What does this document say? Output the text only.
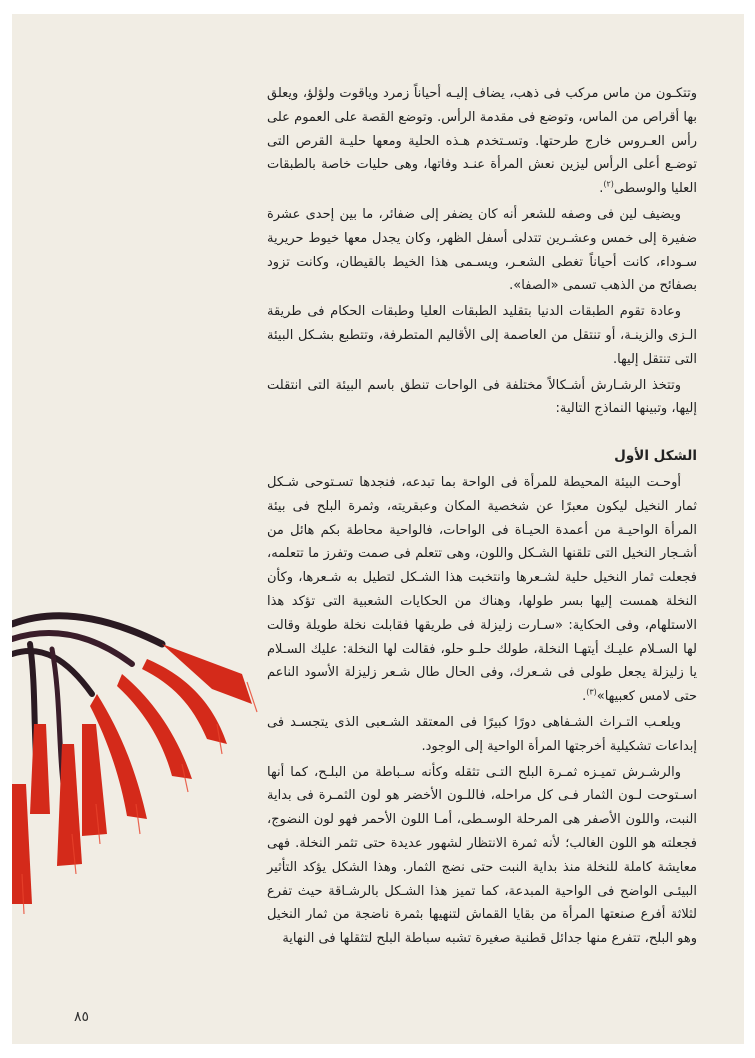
وتتكـون من ماس مركب فى ذهب، يضاف إليـه أحياناً زمرد وياقوت ولؤلؤ، ويعلق بها أقراص من الماس، وتوضع فى مقدمة الرأس. وتوضع القصة على العموم على رأس العـروس خارج طرحتها. وتسـتخدم هـذه الحلية ومعها حليـة القرص التى توضـع أعلى الرأس ليزين نعش المرأة عنـد وفاتها، وهى حليات خاصة بالطبقات العليا والوسطى$^{(٢)}$.

ويضيف لين فى وصفه للشعر أنه كان يضفر إلى ضفائر، ما بين إحدى عشرة ضفيرة إلى خمس وعشـرين تتدلى أسفل الظهر، وكان يجدل معها خيوط حريرية سـوداء، كانت أحياناً تغطى الشعـر، ويسـمى هذا الخيط بالقيطان، وكانت تزود بصفائح من الذهب تسمى «الصفا».

وعادة تقوم الطبقات الدنيا بتقليد الطبقات العليا وطبقات الحكام فى طريقة الـزى والزينـة، أو تنتقل من العاصمة إلى الأقاليم المتطرفة، وتتطبع بشـكل البيئة التى تنتقل إليها.

وتتخذ الرشـارش أشـكالاً مختلفة فى الواحات تنطق باسم البيئة التى انتقلت إليها، وتبينها النماذج التالية:

الشكل الأول

أوحـت البيئة المحيطة للمرأة فى الواحة بما تبدعه، فنجدها تسـتوحى شـكل ثمار النخيل ليكون معبرًا عن شخصية المكان وعبقريته، وثمرة البلح فى بيئة المرأة الواحيـة من أعمدة الحيـاة فى الواحات، فالواحية محاطة بكم هائل من أشـجار النخيل التى تلقنها الشـكل واللون، وهى تتعلم فى صمت وتفرز ما تتعلمه، فجعلت ثمار النخيل حلية لشـعرها وانتخبت هذا الشـكل لتطيل به شـعرها، وكأن النخلة همست إليها بسر طولها، وهناك من الحكايات الشعبية التى تؤكد هذا الاستلهام، وفى الحكاية: «سـارت زليزلة فى طريقها فقابلت نخلة طويلة وقالت لها السـلام عليـك أيتهـا النخلة، طولك حلـو حلو، فقالت لها النخلة: عليك السـلام يا زليزلة يجعل طولى فى شـعرك، وفى الحال طال شـعر زليزلة الأسود الناعم حتى لامس كعبيها»$^{(٣)}$.

ويلعـب التـراث الشـفاهى دورًا كبيرًا فى المعتقد الشـعبى الذى يتجسـد فى إبداعات تشكيلية أخرجتها المرأة الواحية إلى الوجود.

والرشـرش تميـزه ثمـرة البلح التـى تثقله وكأنه سـباطة من البلـح، كما أنها اسـتوحت لـون الثمار فـى كل مراحله، فاللـون الأخضر هو لون الثمـرة فى بداية النبت، واللون الأصفر هى المرحلة الوسـطى، أمـا اللون الأحمر فهو لون النضوج، فجعلته هو اللون الغالب؛ لأنه ثمرة الانتظار لشهور عديدة حتى تثمر النخلة. فهى معايشة كاملة للنخلة منذ بداية النبت حتى نضج الثمار. وهذا الشكل يؤكد التأثير البيئـى الواضح فى الواحية المبدعة، كما تميز هذا الشـكل بالرشـاقة حيث تفرع لثلاثة أفرع صنعتها المرأة من بقايا القماش لتنهيها بثمرة ناضجة من ثمار النخيل وهو البلح، تتفرع منها جدائل قطنية صغيرة تشبه سباطة البلح لتثقلها فى النهاية

٨٥
